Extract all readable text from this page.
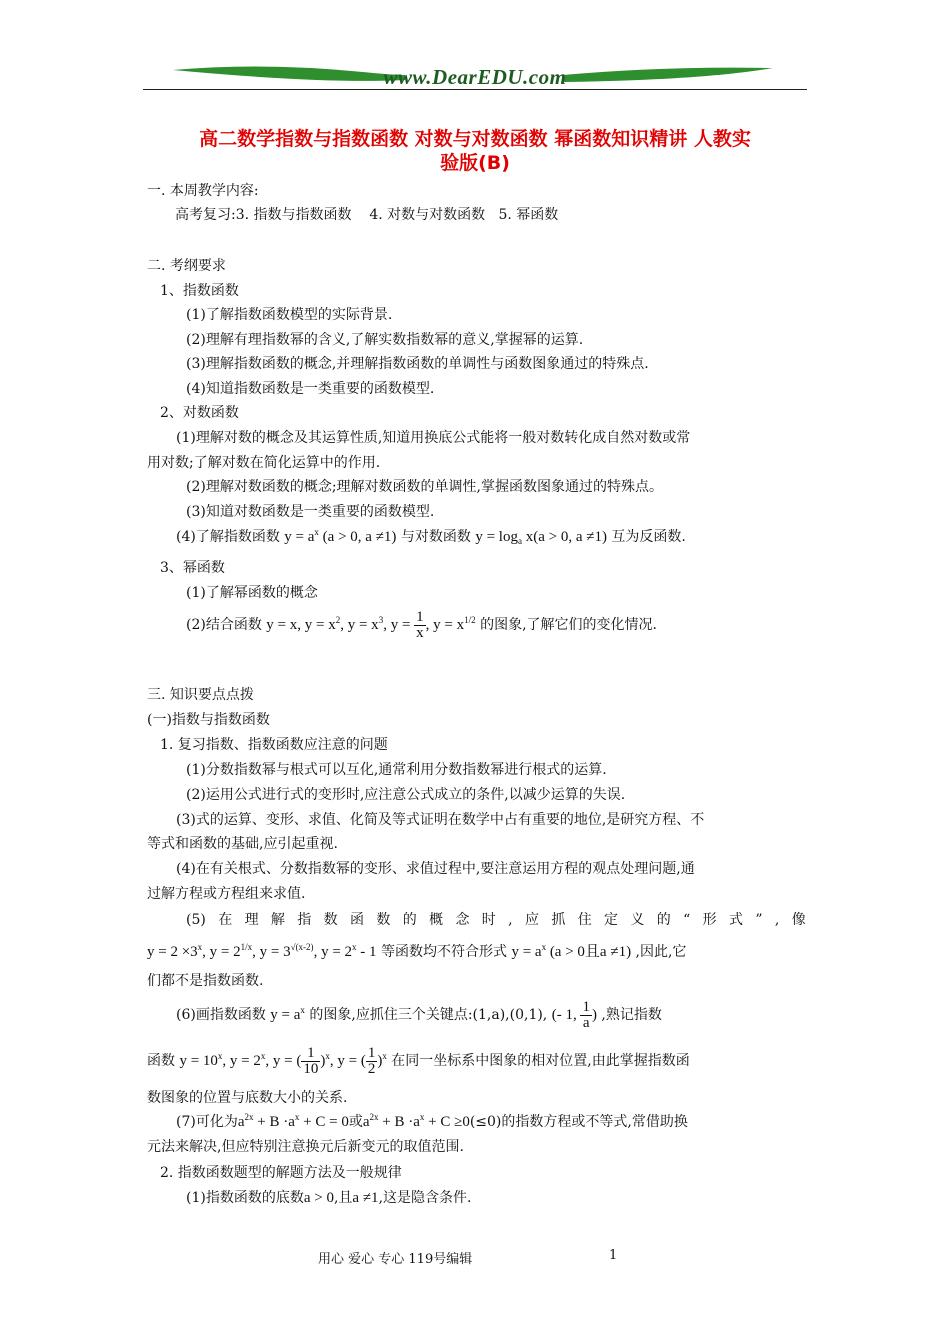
www.DearEDU.com
高二数学指数与指数函数 对数与对数函数 幂函数知识精讲 人教实
验版(B)
一. 本周教学内容:
高考复习:3. 指数与指数函数    4. 对数与对数函数   5. 幂函数
二. 考纲要求
1、指数函数
(1)了解指数函数模型的实际背景.
(2)理解有理指数幂的含义,了解实数指数幂的意义,掌握幂的运算.
(3)理解指数函数的概念,并理解指数函数的单调性与函数图象通过的特殊点.
(4)知道指数函数是一类重要的函数模型.
2、对数函数
(1)理解对数的概念及其运算性质,知道用换底公式能将一般对数转化成自然对数或常
用对数;了解对数在简化运算中的作用.
(2)理解对数函数的概念;理解对数函数的单调性,掌握函数图象通过的特殊点。
(3)知道对数函数是一类重要的函数模型.
(4)了解指数函数 $y = a^x$ (a > 0, a ≠1) 与对数函数 $y = \log_a x(a > 0$, a ≠1) 互为反函数.
3、幂函数
(1)了解幂函数的概念
(2)结合函数 y = x, $y = x^2$, $y = x^3$, $y = \frac{1}{x}$ , $y = x^{1/2}$ 的图象,了解它们的变化情况.
三. 知识要点点拨
(一)指数与指数函数
1. 复习指数、指数函数应注意的问题
(1)分数指数幂与根式可以互化,通常利用分数指数幂进行根式的运算.
(2)运用公式进行式的变形时,应注意公式成立的条件,以减少运算的失误.
(3)式的运算、变形、求值、化简及等式证明在数学中占有重要的地位,是研究方程、不
等式和函数的基础,应引起重视.
(4)在有关根式、分数指数幂的变形、求值过程中,要注意运用方程的观点处理问题,通
过解方程或方程组来求值.
(5) 在 理 解 指 数 函 数 的 概 念 时 , 应 抓 住 定 义 的 “ 形 式 ” , 像
$y = 2 \times 3^x$, $y = 2^{1/x}$, $y = 3^{√(x-2)}$, $y = 2^x - 1$ 等函数均不符合形式 $y = a^x$ (a > 0且a ≠1) ,因此,它
们都不是指数函数.
(6)画指数函数 $y = a^x$ 的图象,应抓住三个关键点:(1,a),(0,1), (- 1, $\frac{1}{a}$ ) ,熟记指数
函数 $y = 10^x$, $y = 2^x$, y = ( $\frac{1}{10} )^x$, y = ( $\frac{1}{2} )^x$ 在同一坐标系中图象的相对位置,由此掌握指数函
数图象的位置与底数大小的关系.
(7)可化为$a^{2x} + B \cdot a^x + C = 0$或$a^{2x} + B \cdot a^x + C \ge 0(\le 0)$的指数方程或不等式,常借助换
元法来解决,但应特别注意换元后新变元的取值范围.
2. 指数函数题型的解题方法及一般规律
(1)指数函数的底数a > 0,且a ≠1,这是隐含条件.
用心 爱心 专心 119号编辑	1
